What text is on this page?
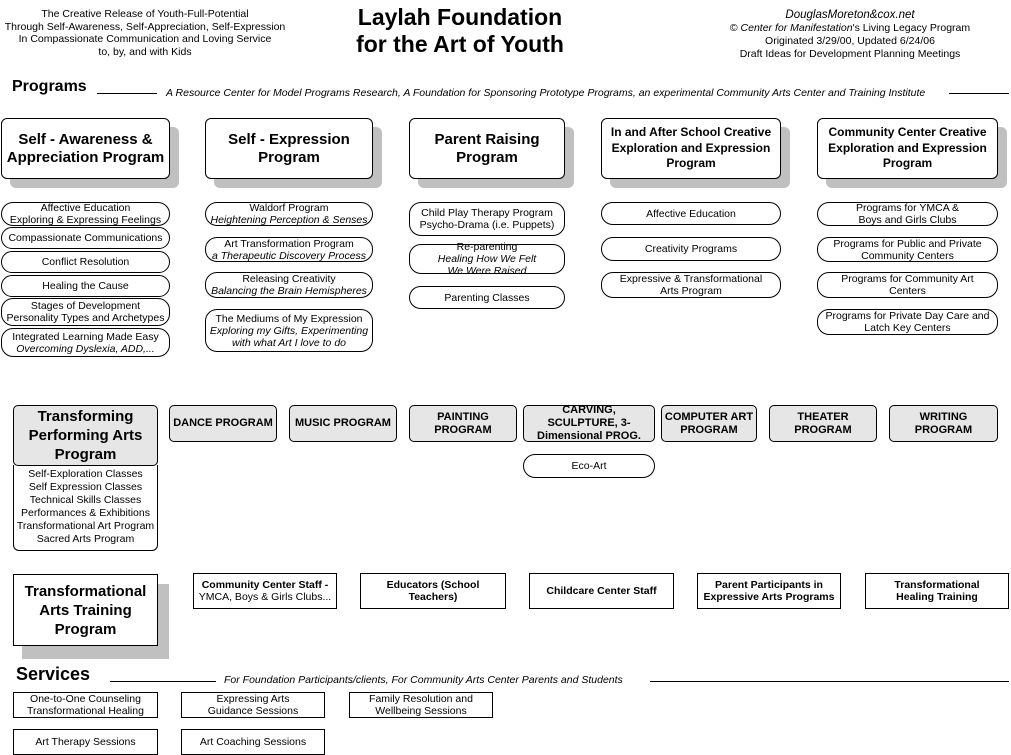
The Creative Release of Youth-Full-Potential
Through Self-Awareness, Self-Appreciation, Self-Expression
In Compassionate Communication and Loving Service
to, by, and with Kids
Laylah Foundation
for the Art of Youth
DouglasMoreton&cox.net
© Center for Manifestation's Living Legacy Program
Originated 3/29/00, Updated 6/24/06
Draft Ideas for Development Planning Meetings
Programs	A Resource Center for Model Programs Research, A Foundation for Sponsoring Prototype Programs, an experimental Community Arts Center and Training Institute
Self - Awareness & Appreciation Program
Self - Expression Program
Parent Raising Program
In and After School Creative Exploration and Expression Program
Community Center Creative Exploration and Expression Program
Affective Education
Exploring & Expressing Feelings
Compassionate Communications
Conflict Resolution
Healing the Cause
Stages of Development
Personality Types and Archetypes
Integrated Learning Made Easy
Overcoming Dyslexia, ADD,...
Waldorf Program
Heightening Perception & Senses
Art Transformation Program
a Therapeutic Discovery Process
Releasing Creativity
Balancing the Brain Hemispheres
The Mediums of My Expression
Exploring my Gifts, Experimenting
with what Art I love to do
Child Play Therapy Program
Psycho-Drama (i.e. Puppets)
Re-parenting
Healing How We Felt
We Were Raised
Parenting Classes
Affective Education
Creativity Programs
Expressive & Transformational
Arts Program
Programs for YMCA &
Boys and Girls Clubs
Programs for Public and Private
Community Centers
Programs for Community Art
Centers
Programs for Private Day Care and
Latch Key Centers
Transforming Performing Arts Program
Self-Exploration Classes
Self Expression Classes
Technical Skills Classes
Performances & Exhibitions
Transformational Art Program
Sacred Arts Program
DANCE PROGRAM	MUSIC PROGRAM
PAINTING PROGRAM
CARVING, SCULPTURE, 3-Dimensional PROG.
COMPUTER ART PROGRAM
THEATER PROGRAM
WRITING PROGRAM
Eco-Art
Transformational Arts Training Program
Community Center Staff -
YMCA, Boys & Girls Clubs...
Educators (School
Teachers)
Childcare Center Staff
Parent Participants in
Expressive Arts Programs
Transformational
Healing Training
Services	For Foundation Participants/clients, For Community Arts Center Parents and Students
One-to-One Counseling
Transformational Healing
Expressing Arts
Guidance Sessions
Family Resolution and
Wellbeing Sessions
Art Therapy Sessions	Art Coaching Sessions
